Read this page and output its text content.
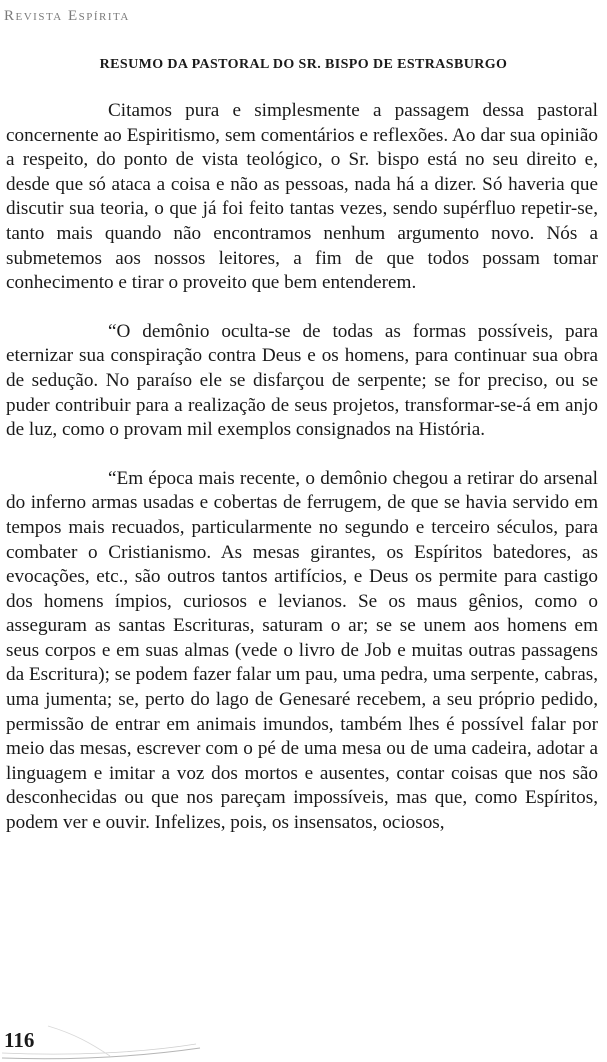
Revista Espírita
RESUMO DA PASTORAL DO SR. BISPO DE ESTRASBURGO

Citamos pura e simplesmente a passagem dessa pastoral concernente ao Espiritismo, sem comentários e reflexões. Ao dar sua opinião a respeito, do ponto de vista teológico, o Sr. bispo está no seu direito e, desde que só ataca a coisa e não as pessoas, nada há a dizer. Só haveria que discutir sua teoria, o que já foi feito tantas vezes, sendo supérfluo repetir-se, tanto mais quando não encontramos nenhum argumento novo. Nós a submetemos aos nossos leitores, a fim de que todos possam tomar conhecimento e tirar o proveito que bem entenderem.

“O demônio oculta-se de todas as formas possíveis, para eternizar sua conspiração contra Deus e os homens, para continuar sua obra de sedução. No paraíso ele se disfarçou de serpente; se for preciso, ou se puder contribuir para a realização de seus projetos, transformar-se-á em anjo de luz, como o provam mil exemplos consignados na História.

“Em época mais recente, o demônio chegou a retirar do arsenal do inferno armas usadas e cobertas de ferrugem, de que se havia servido em tempos mais recuados, particularmente no segundo e terceiro séculos, para combater o Cristianismo. As mesas girantes, os Espíritos batedores, as evocações, etc., são outros tantos artifícios, e Deus os permite para castigo dos homens ímpios, curiosos e levianos. Se os maus gênios, como o asseguram as santas Escrituras, saturam o ar; se se unem aos homens em seus corpos e em suas almas (vede o livro de Job e muitas outras passagens da Escritura); se podem fazer falar um pau, uma pedra, uma serpente, cabras, uma jumenta; se, perto do lago de Genesaré recebem, a seu próprio pedido, permissão de entrar em animais imundos, também lhes é possível falar por meio das mesas, escrever com o pé de uma mesa ou de uma cadeira, adotar a linguagem e imitar a voz dos mortos e ausentes, contar coisas que nos são desconhecidas ou que nos pareçam impossíveis, mas que, como Espíritos, podem ver e ouvir. Infelizes, pois, os insensatos, ociosos,

116
